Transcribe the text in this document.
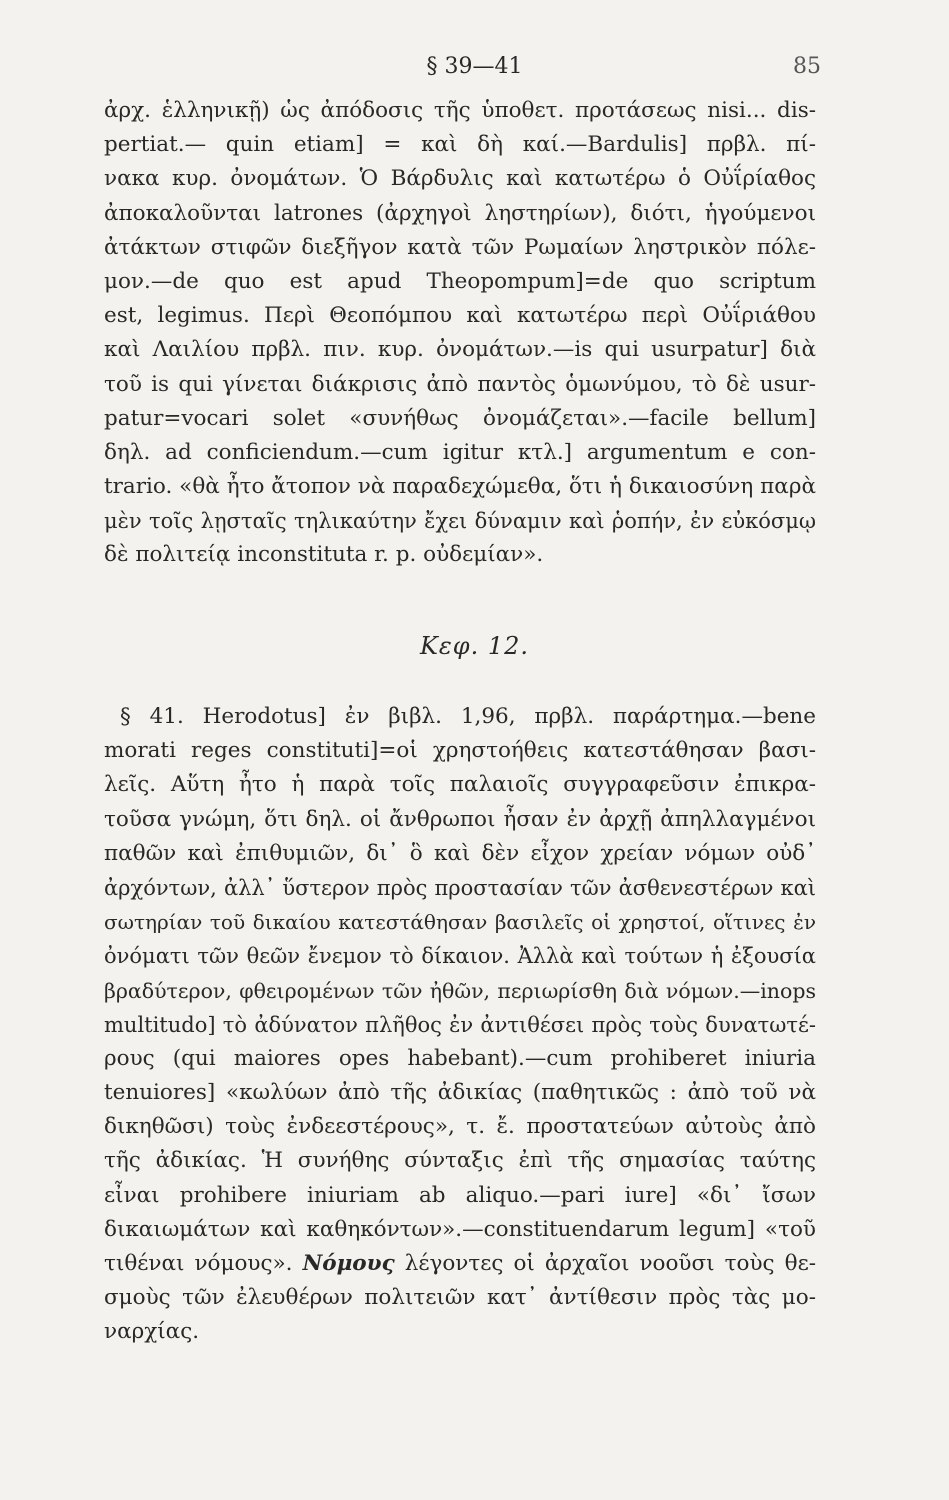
§ 39—41	85
ἀρχ. ἑλληνικῇ) ὡς ἀπόδοσις τῆς ὑποθετ. προτάσεως nisi... dis-
pertiat.— quin etiam] = καὶ δὴ καί.—Bardulis] πρβλ. πί-
νακα κυρ. ὀνομάτων. Ὁ Βάρδυλις καὶ κατωτέρω ὁ Οὐΐρίαθος
ἀποκαλοῦνται latrones (ἀρχηγοὶ ληστηρίων), διότι, ἡγούμενοι
ἀτάκτων στιφῶν διεξῆγον κατὰ τῶν Ρωμαίων ληστρικὸν πόλε-
μον.—de quo est apud Theopompum]=de quo scriptum
est, legimus. Περὶ Θεοπόμπου καὶ κατωτέρω περὶ Οὐΐριάθου
καὶ Λαιλίου πρβλ. πιν. κυρ. ὀνομάτων.—is qui usurpatur] διὰ
τοῦ is qui γίνεται διάκρισις ἀπὸ παντὸς ὁμωνύμου, τὸ δὲ usur-
patur=vocari solet «συνήθως ὀνομάζεται».—facile bellum]
δηλ. ad conficiendum.—cum igitur κτλ.] argumentum e con-
trario. «θὰ ἦτο ἄτοπον νὰ παραδεχώμεθα, ὅτι ἡ δικαιοσύνη παρὰ
μὲν τοῖς λῃσταῖς τηλικαύτην ἔχει δύναμιν καὶ ῥοπήν, ἐν εὐκόσμῳ
δὲ πολιτείᾳ inconstituta r. p. οὐδεμίαν».
Κεφ. 12.
§ 41. Herodotus] ἐν βιβλ. 1,96, πρβλ. παράρτημα.—bene
morati reges constituti]=οἱ χρηστοήθεις κατεστάθησαν βασι-
λεῖς. Αὕτη ἦτο ἡ παρὰ τοῖς παλαιοῖς συγγραφεῦσιν ἐπικρα-
τοῦσα γνώμη, ὅτι δηλ. οἱ ἄνθρωποι ἦσαν ἐν ἀρχῇ ἀπηλλαγμένοι
παθῶν καὶ ἐπιθυμιῶν, δι᾽ ὃ καὶ δὲν εἶχον χρείαν νόμων οὐδ᾽
ἀρχόντων, ἀλλ᾽ ὕστερον πρὸς προστασίαν τῶν ἀσθενεστέρων καὶ
σωτηρίαν τοῦ δικαίου κατεστάθησαν βασιλεῖς οἱ χρηστοί, οἵτινες ἐν
ὀνόματι τῶν θεῶν ἔνεμον τὸ δίκαιον. Ἀλλὰ καὶ τούτων ἡ ἐξουσία
βραδύτερον, φθειρομένων τῶν ἠθῶν, περιωρίσθη διὰ νόμων.—inops
multitudo] τὸ ἀδύνατον πλῆθος ἐν ἀντιθέσει πρὸς τοὺς δυνατωτέ-
ρους (qui maiores opes habebant).—cum prohiberet iniuria
tenuiores] «κωλύων ἀπὸ τῆς ἀδικίας (παθητικῶς : ἀπὸ τοῦ νὰ
δικηθῶσι) τοὺς ἐνδεεστέρους», τ. ἔ. προστατεύων αὐτοὺς ἀπὸ
τῆς ἀδικίας. Ἡ συνήθης σύνταξις ἐπὶ τῆς σημασίας ταύτης
εἶναι prohibere iniuriam ab aliquo.—pari iure] «δι᾽ ἴσων
δικαιωμάτων καὶ καθηκόντων».—constituendarum legum] «τοῦ
τιθέναι νόμους». Νόμους λέγοντες οἱ ἀρχαῖοι νοοῦσι τοὺς θε-
σμοὺς τῶν ἐλευθέρων πολιτειῶν κατ᾽ ἀντίθεσιν πρὸς τὰς μο-
ναρχίας.
